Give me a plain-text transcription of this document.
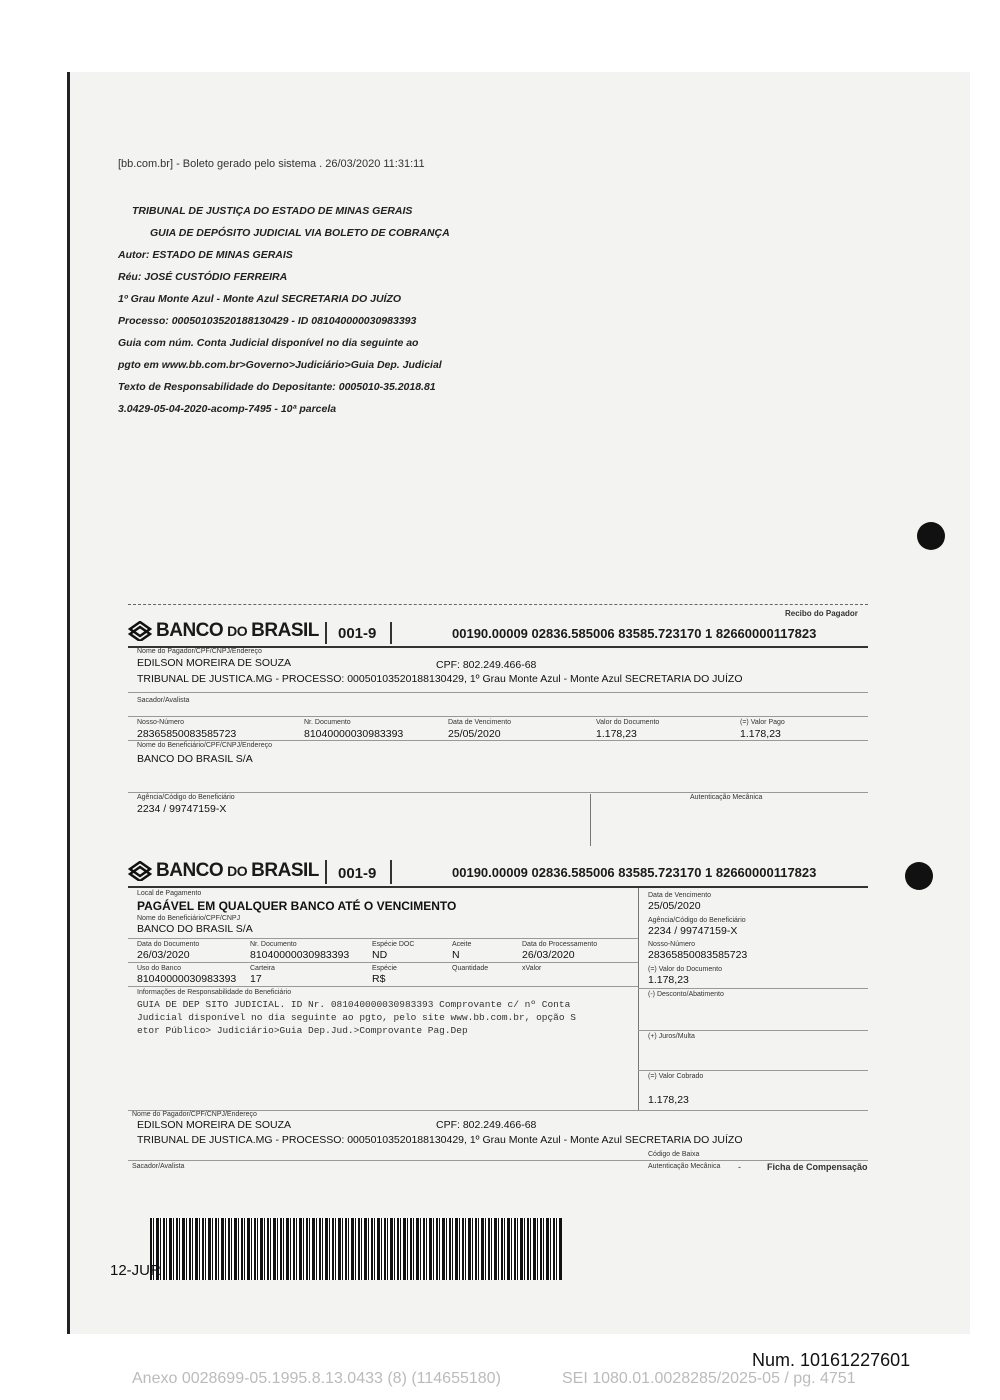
[bb.com.br] - Boleto gerado pelo sistema . 26/03/2020 11:31:11
TRIBUNAL DE JUSTIÇA DO ESTADO DE MINAS GERAIS
GUIA DE DEPÓSITO JUDICIAL VIA BOLETO DE COBRANÇA
Autor: ESTADO DE MINAS GERAIS
Réu: JOSÉ CUSTÓDIO FERREIRA
1º Grau Monte Azul - Monte Azul SECRETARIA DO JUÍZO
Processo: 00050103520188130429 - ID 081040000030983393
Guia com núm. Conta Judicial disponível no dia seguinte ao
pgto em www.bb.com.br>Governo>Judiciário>Guia Dep. Judicial
Texto de Responsabilidade do Depositante: 0005010-35.2018.81
3.0429-05-04-2020-acomp-7495 - 10ª parcela
Recibo do Pagador
BANCO DO BRASIL 001-9	00190.00009 02836.585006 83585.723170 1 82660000117823
Nome do Pagador/CPF/CNPJ/Endereço
EDILSON MOREIRA DE SOUZA	CPF: 802.249.466-68
TRIBUNAL DE JUSTICA.MG - PROCESSO: 00050103520188130429, 1º Grau Monte Azul - Monte Azul SECRETARIA DO JUÍZO
Sacador/Avalista
Nosso-Número
28365850083585723
Nr. Documento
81040000030983393
Data de Vencimento
25/05/2020
Valor do Documento
1.178,23
(=) Valor Pago
1.178,23
Nome do Beneficiário/CPF/CNPJ/Endereço
BANCO DO BRASIL S/A
Agência/Código do Beneficiário
2234 / 99747159-X
Autenticação Mecânica
BANCO DO BRASIL 001-9	00190.00009 02836.585006 83585.723170 1 82660000117823
Local de Pagamento
PAGÁVEL EM QUALQUER BANCO ATÉ O VENCIMENTO
Nome do Beneficiário/CPF/CNPJ
BANCO DO BRASIL S/A
Data do Documento
26/03/2020
Nr. Documento
81040000030983393
Espécie DOC
ND
Aceite
N
Data do Processamento
26/03/2020
Uso do Banco
81040000030983393
Carteira
17
Espécie
R$
Quantidade	xValor
Informações de Responsabilidade do Beneficiário
GUIA DE DEP SITO JUDICIAL. ID Nr. 081040000030983393 Comprovante c/ nº Conta
Judicial disponível no dia seguinte ao pgto, pelo site www.bb.com.br, opção S
etor Público> Judiciário>Guia Dep.Jud.>Comprovante Pag.Dep
Data de Vencimento
25/05/2020
Agência/Código do Beneficiário
2234 / 99747159-X
Nosso-Número
28365850083585723
(=) Valor do Documento
1.178,23
(-) Desconto/Abatimento
(+) Juros/Multa
(=) Valor Cobrado
1.178,23
Nome do Pagador/CPF/CNPJ/Endereço
EDILSON MOREIRA DE SOUZA	CPF: 802.249.466-68
TRIBUNAL DE JUSTICA.MG - PROCESSO: 00050103520188130429, 1º Grau Monte Azul - Monte Azul SECRETARIA DO JUÍZO
Código de Baixa
Sacador/Avalista	Autenticação Mecânica -	Ficha de Compensação
12-JUR
Num. 10161227601
Anexo 0028699-05.1995.8.13.0433 (8) (114655180)	SEI 1080.01.0028285/2025-05 / pg. 4751
